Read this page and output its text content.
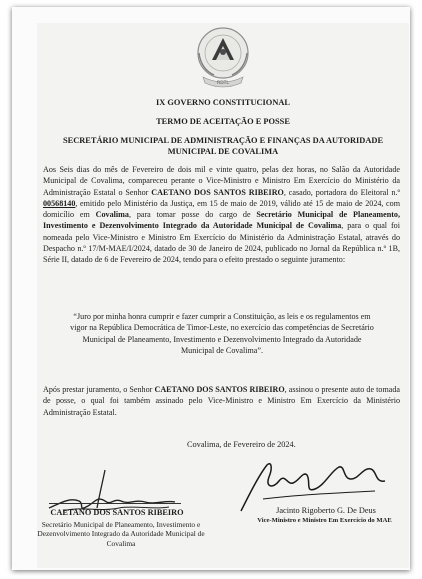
RDTL
IX GOVERNO CONSTITUCIONAL
TERMO DE ACEITAÇÃO E POSSE
SECRETÁRIO MUNICIPAL DE ADMINISTRAÇÃO E FINANÇAS DA AUTORIDADE
MUNICIPAL DE COVALIMA
Aos Seis dias do mês de Fevereiro de dois mil e vinte quatro, pelas dez horas, no Salão da Autoridade Municipal de Covalima, compareceu perante o Vice-Ministro e Ministro Em Exercício do Ministério da Administração Estatal o Senhor CAETANO DOS SANTOS RIBEIRO, casado, portadora do Eleitoral n.º 00568140, emitido pelo Ministério da Justiça, em 15 de maio de 2019, válido até 15 de maio de 2024, com domicílio em Covalima, para tomar posse do cargo de Secretário Municipal de Planeamento, Investimento e Dezenvolvimento Integrado da Autoridade Municipal de Covalima, para o qual foi nomeada pelo Vice-Ministro e Ministro Em Exercício do Ministério da Administração Estatal, através do Despacho n.º 17/M-MAE/I/2024, datado de 30 de Janeiro de 2024, publicado no Jornal da República n.º 1B, Série II, datado de 6 de Fevereiro de 2024, tendo para o efeito prestado o seguinte juramento:
“Juro por minha honra cumprir e fazer cumprir a Constituição, as leis e os regulamentos em vigor na República Democrática de Timor-Leste, no exercício das competências de Secretário Municipal de Planeamento, Investimento e Dezenvolvimento Integrado da Autoridade Municipal de Covalima”.
Após prestar juramento, o Senhor CAETANO DOS SANTOS RIBEIRO, assinou o presente auto de tomada de posse, o qual foi também assinado pelo Vice-Ministro e Ministro Em Exercício da Ministério Administração Estatal.
Covalima, de Fevereiro de 2024.
CAETANO DOS SANTOS RIBEIRO
Secretário Municipal de Planeamento, Investimento e Dezenvolvimento Integrado da Autoridade Municipal de Covalima
Jacinto Rigoberto G. De Deus
Vice-Ministro e Ministro Em Exercício do MAE
